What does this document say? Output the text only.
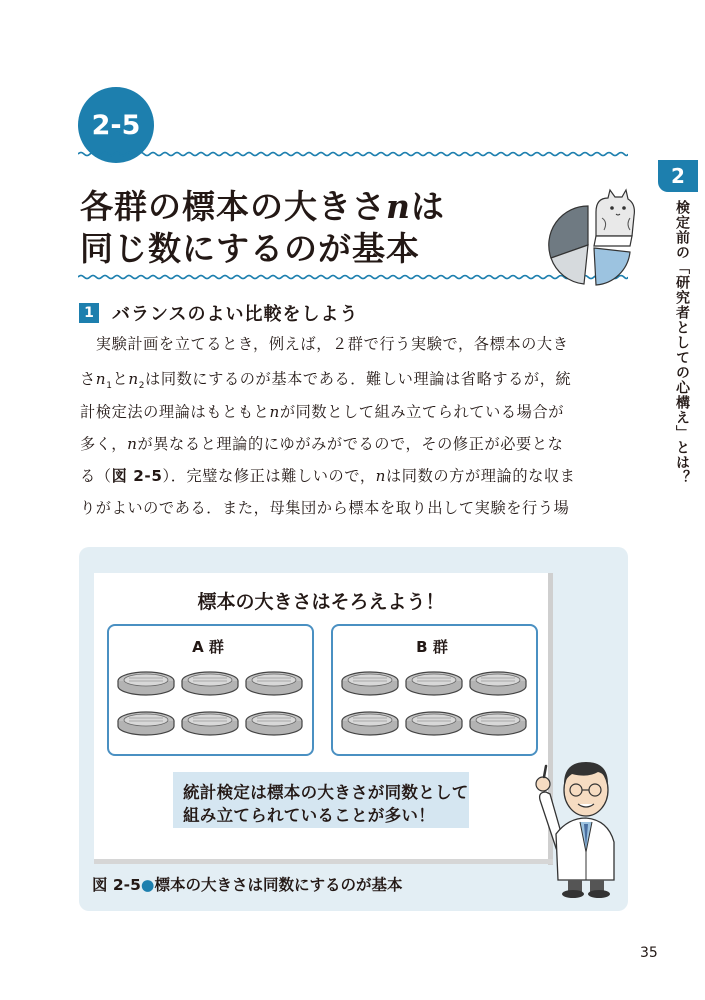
2-5
各群の標本の大きさnは
同じ数にするのが基本
2
検定前の「研究者としての心構え」とは？
1 バランスのよい比較をしよう
　実験計画を立てるとき，例えば，２群で行う実験で，各標本の大き
さ$n_1$と$n_2$は同数にするのが基本である．難しい理論は省略するが，統
計検定法の理論はもともとnが同数として組み立てられている場合が
多く，nが異なると理論的にゆがみがでるので，その修正が必要とな
る（図 2-5）．完璧な修正は難しいので，nは同数の方が理論的な収ま
りがよいのである．また，母集団から標本を取り出して実験を行う場
標本の大きさはそろえよう！
A 群	B 群
統計検定は標本の大きさが同数として
組み立てられていることが多い！
図 2-5●標本の大きさは同数にするのが基本
35
